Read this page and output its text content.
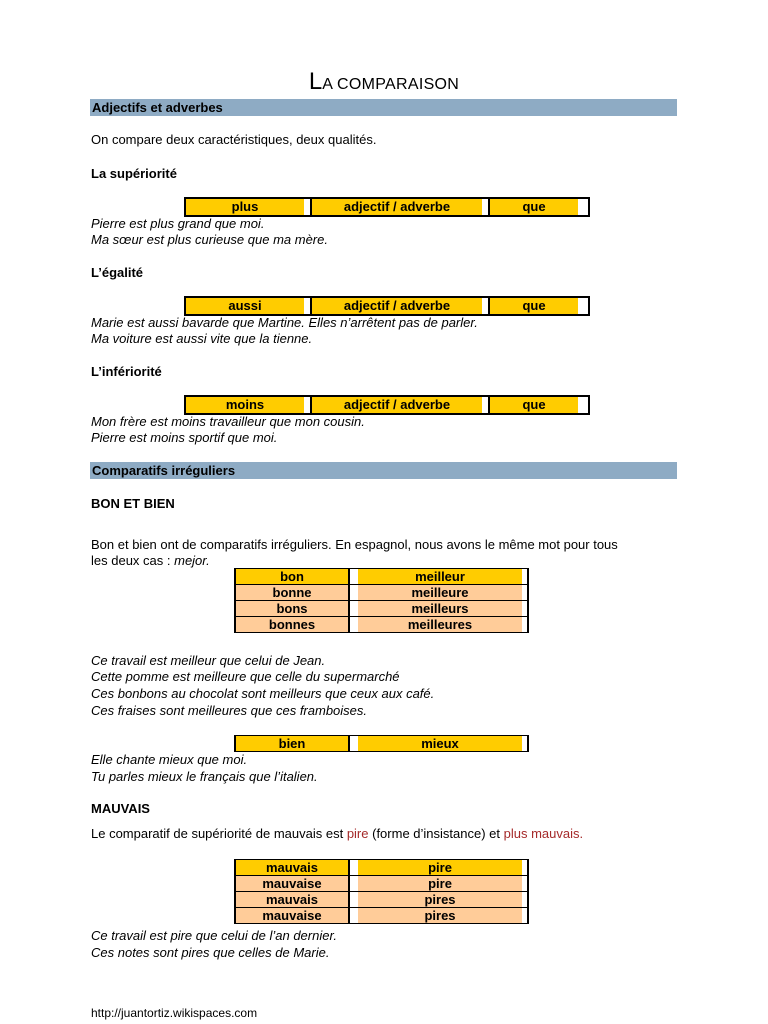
LA COMPARAISON
Adjectifs et adverbes
On compare deux caractéristiques, deux qualités.
La supériorité
plus	adjectif / adverbe	que
Pierre est plus grand que moi.
Ma sœur est plus curieuse que ma mère.
L’égalité
aussi	adjectif / adverbe	que
Marie est aussi bavarde que Martine. Elles n’arrêtent pas de parler.
Ma voiture est aussi vite que la tienne.
L’infériorité
moins	adjectif / adverbe	que
Mon frère est moins travailleur que mon cousin.
Pierre est moins sportif que moi.
Comparatifs irréguliers
BON ET BIEN
Bon et bien ont de comparatifs irréguliers. En espagnol, nous avons le même mot pour tous
les deux cas : mejor.
bon		meilleur	
bonne		meilleure	
bons		meilleurs	
bonnes		meilleures	
Ce travail est meilleur que celui de Jean.
Cette pomme est meilleure que celle du supermarché
Ces bonbons au chocolat sont meilleurs que ceux aux café.
Ces fraises sont meilleures que ces framboises.
bien		mieux	
Elle chante mieux que moi.
Tu parles mieux le français que l’italien.
MAUVAIS
Le comparatif de supériorité de mauvais est pire (forme d’insistance) et plus mauvais.
mauvais		pire	
mauvaise		pire	
mauvais		pires	
mauvaise		pires	
Ce travail est pire que celui de l’an dernier.
Ces notes sont pires que celles de Marie.
http://juantortiz.wikispaces.com
